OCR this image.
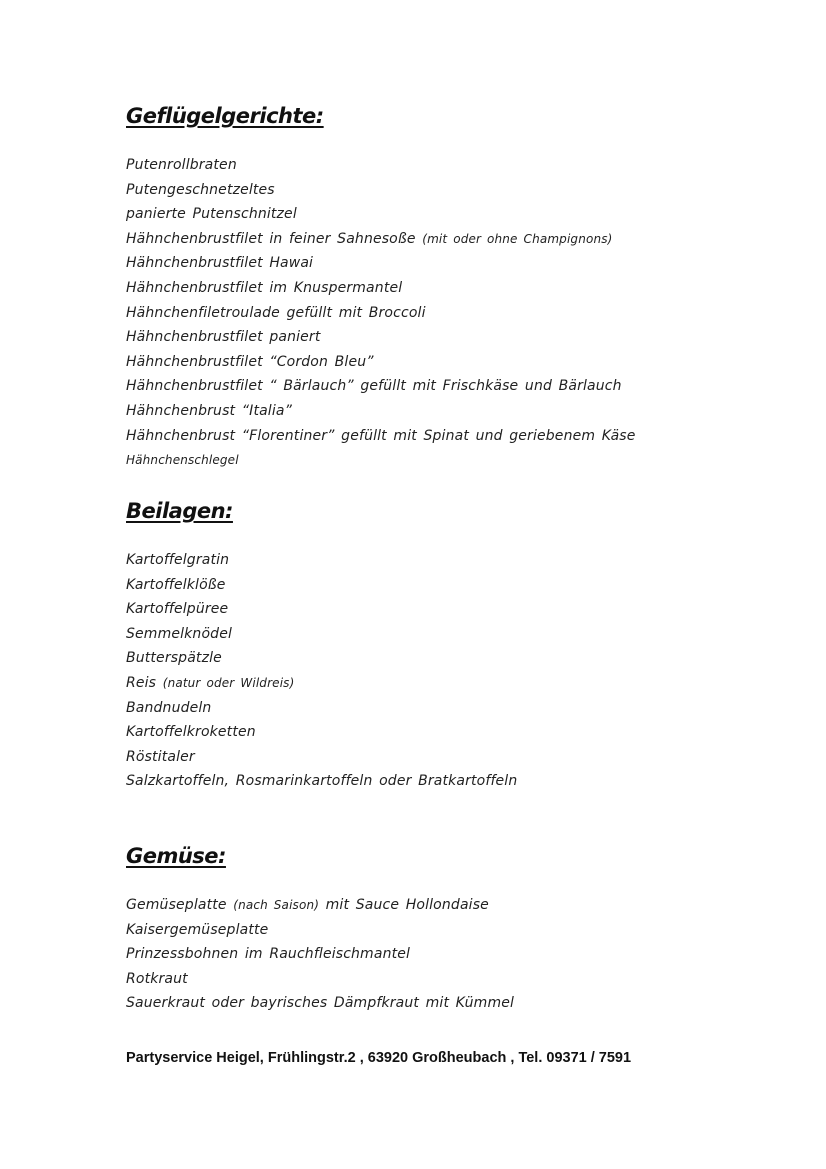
Geflügelgerichte:
Putenrollbraten
Putengeschnetzeltes
panierte Putenschnitzel
Hähnchenbrustfilet in feiner Sahnesoße (mit oder ohne Champignons)
Hähnchenbrustfilet Hawai
Hähnchenbrustfilet im Knuspermantel
Hähnchenfiletroulade gefüllt mit Broccoli
Hähnchenbrustfilet paniert
Hähnchenbrustfilet “Cordon Bleu”
Hähnchenbrustfilet “ Bärlauch” gefüllt mit Frischkäse und Bärlauch
Hähnchenbrust “Italia”
Hähnchenbrust “Florentiner” gefüllt mit Spinat und geriebenem Käse
Hähnchenschlegel
Beilagen:
Kartoffelgratin
Kartoffelklöße
Kartoffelpüree
Semmelknödel
Butterspätzle
Reis (natur oder Wildreis)
Bandnudeln
Kartoffelkroketten
Röstitaler
Salzkartoffeln, Rosmarinkartoffeln oder Bratkartoffeln
Gemüse:
Gemüseplatte (nach Saison) mit Sauce Hollondaise
Kaisergemüseplatte
Prinzessbohnen im Rauchfleischmantel
Rotkraut
Sauerkraut oder bayrisches Dämpfkraut mit Kümmel

Partyservice Heigel, Frühlingstr.2 , 63920 Großheubach , Tel. 09371 / 7591
